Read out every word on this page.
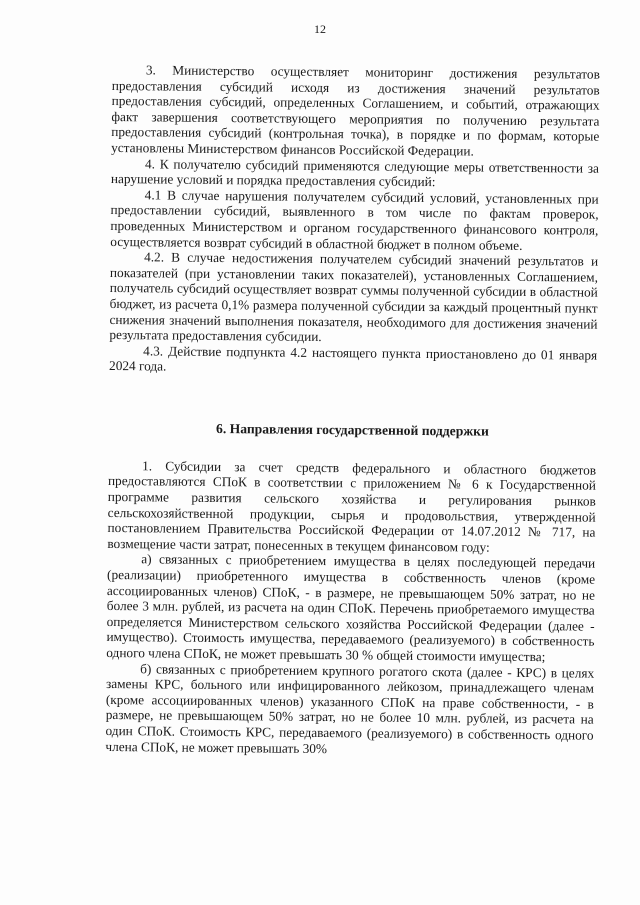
12

3. Министерство осуществляет мониторинг достижения результатов предоставления субсидий исходя из достижения значений результатов предоставления субсидий, определенных Соглашением, и событий, отражающих факт завершения соответствующего мероприятия по получению результата предоставления субсидий (контрольная точка), в порядке и по формам, которые установлены Министерством финансов Российской Федерации.

4. К получателю субсидий применяются следующие меры ответственности за нарушение условий и порядка предоставления субсидий:

4.1 В случае нарушения получателем субсидий условий, установленных при предоставлении субсидий, выявленного в том числе по фактам проверок, проведенных Министерством и органом государственного финансового контроля, осуществляется возврат субсидий в областной бюджет в полном объеме.

4.2. В случае недостижения получателем субсидий значений результатов и показателей (при установлении таких показателей), установленных Соглашением, получатель субсидий осуществляет возврат суммы полученной субсидии в областной бюджет, из расчета 0,1% размера полученной субсидии за каждый процентный пункт снижения значений выполнения показателя, необходимого для достижения значений результата предоставления субсидии.

4.3. Действие подпункта 4.2 настоящего пункта приостановлено до 01 января 2024 года.

6. Направления государственной поддержки

1. Субсидии за счет средств федерального и областного бюджетов предоставляются СПоК в соответствии с приложением № 6 к Государственной программе развития сельского хозяйства и регулирования рынков сельскохозяйственной продукции, сырья и продовольствия, утвержденной постановлением Правительства Российской Федерации от 14.07.2012 № 717, на возмещение части затрат, понесенных в текущем финансовом году:

а) связанных с приобретением имущества в целях последующей передачи (реализации) приобретенного имущества в собственность членов (кроме ассоциированных членов) СПоК, - в размере, не превышающем 50% затрат, но не более 3 млн. рублей, из расчета на один СПоК. Перечень приобретаемого имущества определяется Министерством сельского хозяйства Российской Федерации (далее - имущество). Стоимость имущества, передаваемого (реализуемого) в собственность одного члена СПоК, не может превышать 30 % общей стоимости имущества;

б) связанных с приобретением крупного рогатого скота (далее - КРС) в целях замены КРС, больного или инфицированного лейкозом, принадлежащего членам (кроме ассоциированных членов) указанного СПоК на праве собственности, - в размере, не превышающем 50% затрат, но не более 10 млн. рублей, из расчета на один СПоК. Стоимость КРС, передаваемого (реализуемого) в собственность одного члена СПоК, не может превышать 30%
